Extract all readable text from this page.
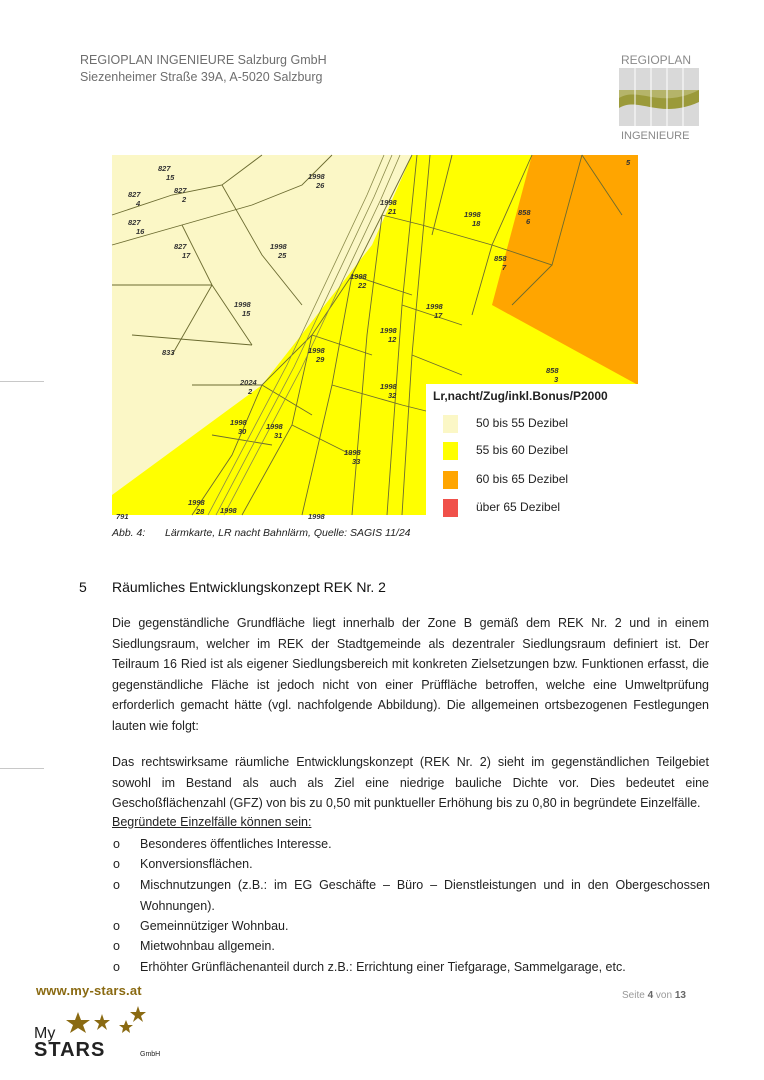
REGIOPLAN INGENIEURE Salzburg GmbH
Siezenheimer Straße 39A, A-5020 Salzburg
REGIOPLAN
INGENIEURE
827 15
827 2
827 4
827 16
827 17
1998 26
1998 21
1998 25
1998 18
858 6
858 7
1998 22
1998 15
1998 17
1998 12
833	1998 29
1998 32
2024 2
858 3
1998 30
1998 31
1998 33
1998 28 1998
1998
5
791
Lr,nacht/Zug/inkl.Bonus/P2000
50 bis 55 Dezibel
55 bis 60 Dezibel
60 bis 65 Dezibel
über 65 Dezibel
Abb. 4: Lärmkarte, LR nacht Bahnlärm, Quelle: SAGIS 11/24
5 Räumliches Entwicklungskonzept REK Nr. 2
Die gegenständliche Grundfläche liegt innerhalb der Zone B gemäß dem REK Nr. 2 und in einem Siedlungsraum, welcher im REK der Stadtgemeinde als dezentraler Siedlungsraum definiert ist. Der Teilraum 16 Ried ist als eigener Siedlungsbereich mit konkreten Zielsetzungen bzw. Funktionen erfasst, die gegenständliche Fläche ist jedoch nicht von einer Prüffläche betroffen, welche eine Umweltprüfung erforderlich gemacht hätte (vgl. nachfolgende Abbildung). Die allgemeinen ortsbezogenen Festlegungen lauten wie folgt:
Das rechtswirksame räumliche Entwicklungskonzept (REK Nr. 2) sieht im gegenständlichen Teilgebiet sowohl im Bestand als auch als Ziel eine niedrige bauliche Dichte vor. Dies bedeutet eine Geschoßflächenzahl (GFZ) von bis zu 0,50 mit punktueller Erhöhung bis zu 0,80 in begründete Einzelfälle.
Begründete Einzelfälle können sein:
o Besonderes öffentliches Interesse.
o Konversionsflächen.
o Mischnutzungen (z.B.: im EG Geschäfte – Büro – Dienstleistungen und in den Obergeschossen Wohnungen).
o Gemeinnütziger Wohnbau.
o Mietwohnbau allgemein.
o Erhöhter Grünflächenanteil durch z.B.: Errichtung einer Tiefgarage, Sammelgarage, etc.
www.my-stars.at
My
STARS	GmbH
Seite 4 von 13
